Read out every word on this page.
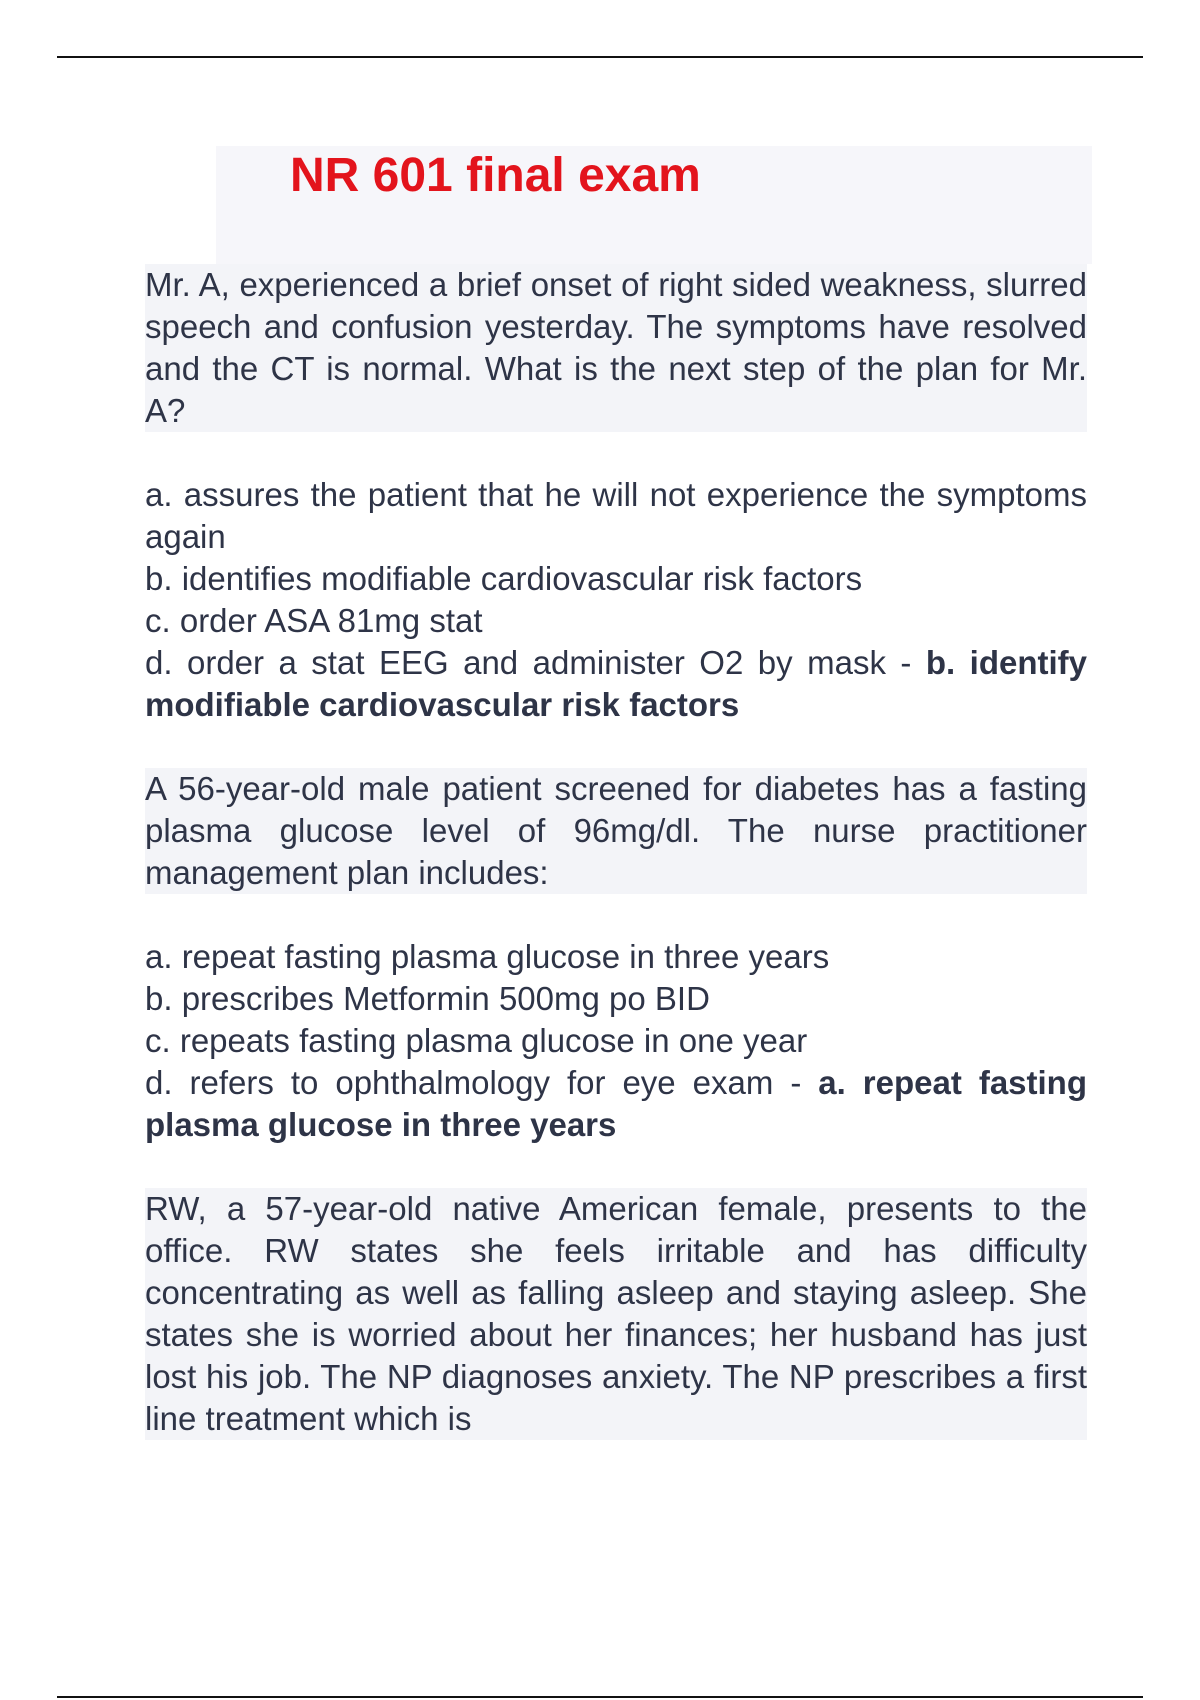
NR 601 final exam

Mr. A, experienced a brief onset of right sided weakness, slurred speech and confusion yesterday. The symptoms have resolved and the CT is normal. What is the next step of the plan for Mr. A?

a. assures the patient that he will not experience the symptoms again

b. identifies modifiable cardiovascular risk factors

c. order ASA 81mg stat

d. order a stat EEG and administer O2 by mask - b. identify modifiable cardiovascular risk factors

A 56-year-old male patient screened for diabetes has a fasting plasma glucose level of 96mg/dl. The nurse practitioner management plan includes:

a. repeat fasting plasma glucose in three years

b. prescribes Metformin 500mg po BID

c. repeats fasting plasma glucose in one year

d. refers to ophthalmology for eye exam - a. repeat fasting plasma glucose in three years

RW, a 57-year-old native American female, presents to the office. RW states she feels irritable and has difficulty concentrating as well as falling asleep and staying asleep. She states she is worried about her finances; her husband has just lost his job. The NP diagnoses anxiety. The NP prescribes a first line treatment which is
